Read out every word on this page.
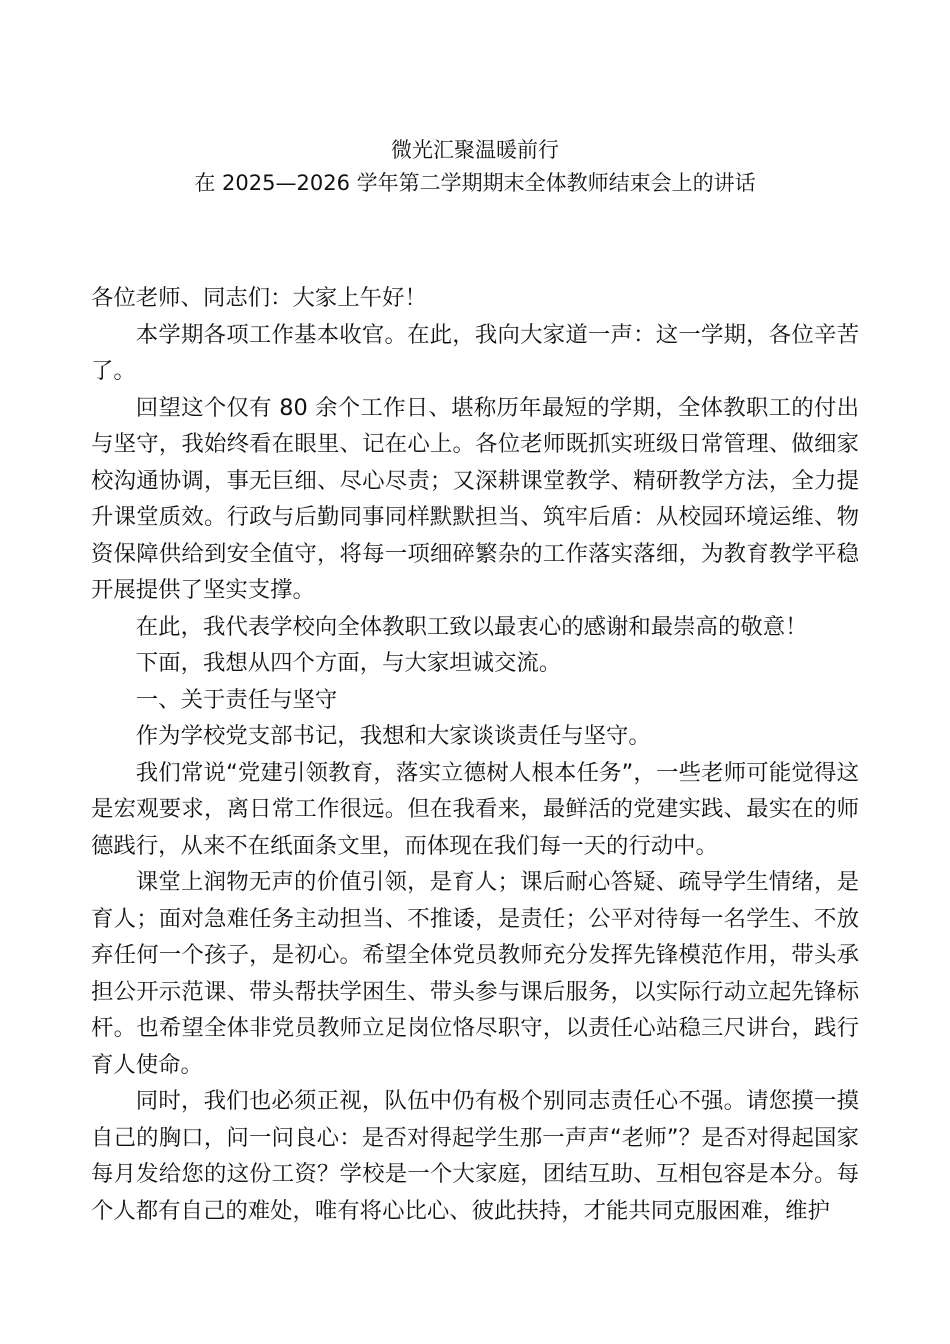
微光汇聚温暖前行
在 2025—2026 学年第二学期期末全体教师结束会上的讲话

各位老师、同志们：大家上午好！

本学期各项工作基本收官。在此，我向大家道一声：这一学期，各位辛苦了。

回望这个仅有 80 余个工作日、堪称历年最短的学期，全体教职工的付出与坚守，我始终看在眼里、记在心上。各位老师既抓实班级日常管理、做细家校沟通协调，事无巨细、尽心尽责；又深耕课堂教学、精研教学方法，全力提升课堂质效。行政与后勤同事同样默默担当、筑牢后盾：从校园环境运维、物资保障供给到安全值守，将每一项细碎繁杂的工作落实落细，为教育教学平稳开展提供了坚实支撑。

在此，我代表学校向全体教职工致以最衷心的感谢和最崇高的敬意！

下面，我想从四个方面，与大家坦诚交流。

一、关于责任与坚守

作为学校党支部书记，我想和大家谈谈责任与坚守。

我们常说“党建引领教育，落实立德树人根本任务”，一些老师可能觉得这是宏观要求，离日常工作很远。但在我看来，最鲜活的党建实践、最实在的师德践行，从来不在纸面条文里，而体现在我们每一天的行动中。

课堂上润物无声的价值引领，是育人；课后耐心答疑、疏导学生情绪，是育人；面对急难任务主动担当、不推诿，是责任；公平对待每一名学生、不放弃任何一个孩子，是初心。希望全体党员教师充分发挥先锋模范作用，带头承担公开示范课、带头帮扶学困生、带头参与课后服务，以实际行动立起先锋标杆。也希望全体非党员教师立足岗位恪尽职守，以责任心站稳三尺讲台，践行育人使命。

同时，我们也必须正视，队伍中仍有极个别同志责任心不强。请您摸一摸自己的胸口，问一问良心：是否对得起学生那一声声“老师”？是否对得起国家每月发给您的这份工资？学校是一个大家庭，团结互助、互相包容是本分。每个人都有自己的难处，唯有将心比心、彼此扶持，才能共同克服困难，维护
